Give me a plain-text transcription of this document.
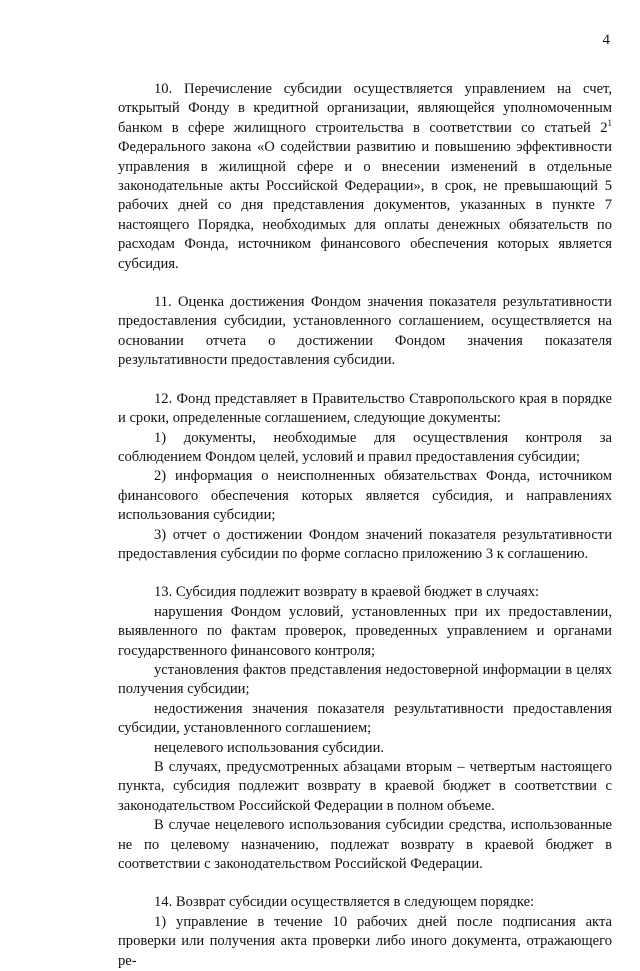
4

10. Перечисление субсидии осуществляется управлением на счет, открытый Фонду в кредитной организации, являющейся уполномоченным банком в сфере жилищного строительства в соответствии со статьей $2^1$ Федерального закона «О содействии развитию и повышению эффективности управления в жилищной сфере и о внесении изменений в отдельные законодательные акты Российской Федерации», в срок, не превышающий 5 рабочих дней со дня представления документов, указанных в пункте 7 настоящего Порядка, необходимых для оплаты денежных обязательств по расходам Фонда, источником финансового обеспечения которых является субсидия.

11. Оценка достижения Фондом значения показателя результативности предоставления субсидии, установленного соглашением, осуществляется на основании отчета о достижении Фондом значения показателя результативности предоставления субсидии.

12. Фонд представляет в Правительство Ставропольского края в порядке и сроки, определенные соглашением, следующие документы:

1) документы, необходимые для осуществления контроля за соблюдением Фондом целей, условий и правил предоставления субсидии;

2) информация о неисполненных обязательствах Фонда, источником финансового обеспечения которых является субсидия, и направлениях использования субсидии;

3) отчет о достижении Фондом значений показателя результативности предоставления субсидии по форме согласно приложению 3 к соглашению.

13. Субсидия подлежит возврату в краевой бюджет в случаях:

нарушения Фондом условий, установленных при их предоставлении, выявленного по фактам проверок, проведенных управлением и органами государственного финансового контроля;

установления фактов представления недостоверной информации в целях получения субсидии;

недостижения значения показателя результативности предоставления субсидии, установленного соглашением;

нецелевого использования субсидии.

В случаях, предусмотренных абзацами вторым – четвертым настоящего пункта, субсидия подлежит возврату в краевой бюджет в соответствии с законодательством Российской Федерации в полном объеме.

В случае нецелевого использования субсидии средства, использованные не по целевому назначению, подлежат возврату в краевой бюджет в соответствии с законодательством Российской Федерации.

14. Возврат субсидии осуществляется в следующем порядке:

1) управление в течение 10 рабочих дней после подписания акта проверки или получения акта проверки либо иного документа, отражающего ре-
